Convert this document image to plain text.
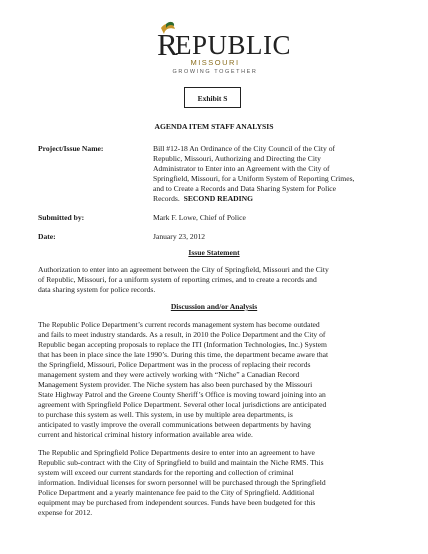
R
EPUBLIC
MISSOURI
GROWING TOGETHER
Exhibit S
AGENDA ITEM STAFF ANALYSIS
Project/Issue Name:	Bill #12-18 An Ordinance of the City Council of the City of
Republic, Missouri, Authorizing and Directing the City
Administrator to Enter into an Agreement with the City of
Springfield, Missouri, for a Uniform System of Reporting Crimes,
and to Create a Records and Data Sharing System for Police
Records.  SECOND READING
Submitted by:	Mark F. Lowe, Chief of Police
Date:	January 23, 2012
Issue Statement
Authorization to enter into an agreement between the City of Springfield, Missouri and the City
of Republic, Missouri, for a uniform system of reporting crimes, and to create a records and
data sharing system for police records.
Discussion and/or Analysis
The Republic Police Department’s current records management system has become outdated
and fails to meet industry standards. As a result, in 2010 the Police Department and the City of
Republic began accepting proposals to replace the ITI (Information Technologies, Inc.) System
that has been in place since the late 1990’s. During this time, the department became aware that
the Springfield, Missouri, Police Department was in the process of replacing their records
management system and they were actively working with “Niche” a Canadian Record
Management System provider. The Niche system has also been purchased by the Missouri
State Highway Patrol and the Greene County Sheriff’s Office is moving toward joining into an
agreement with Springfield Police Department. Several other local jurisdictions are anticipated
to purchase this system as well. This system, in use by multiple area departments, is
anticipated to vastly improve the overall communications between departments by having
current and historical criminal history information available area wide.
The Republic and Springfield Police Departments desire to enter into an agreement to have
Republic sub-contract with the City of Springfield to build and maintain the Niche RMS. This
system will exceed our current standards for the reporting and collection of criminal
information. Individual licenses for sworn personnel will be purchased through the Springfield
Police Department and a yearly maintenance fee paid to the City of Springfield. Additional
equipment may be purchased from independent sources. Funds have been budgeted for this
expense for 2012.
